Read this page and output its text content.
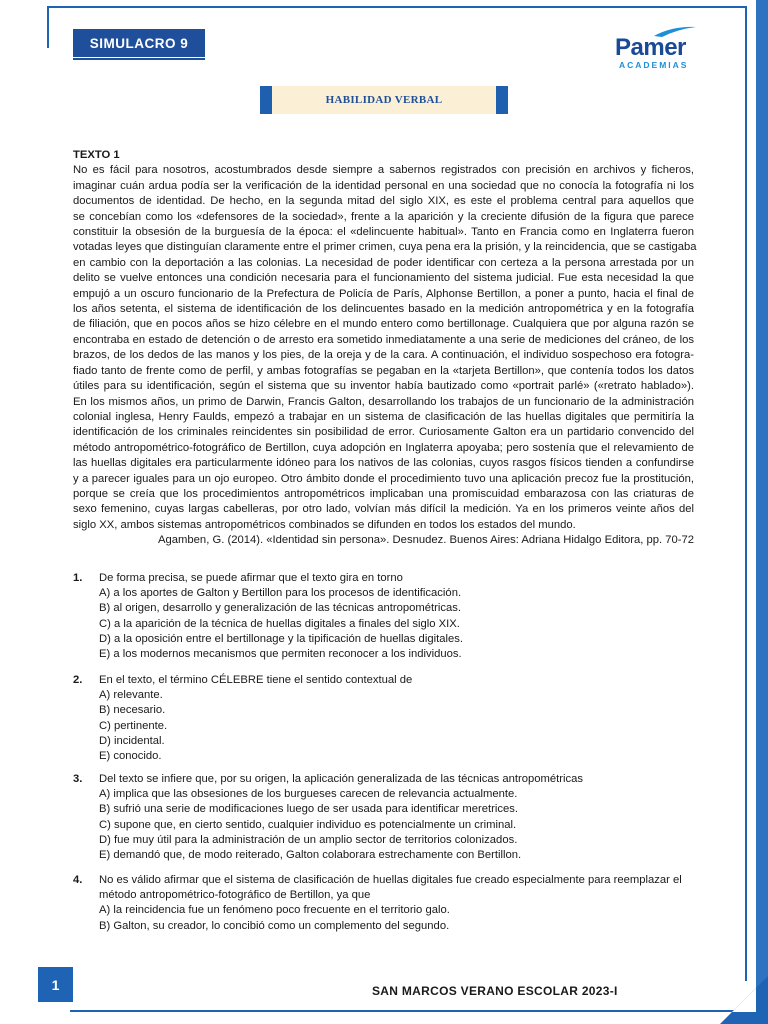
SIMULACRO 9	Pamer
ACADEMIAS
HABILIDAD VERBAL
TEXTO 1
No es fácil para nosotros, acostumbrados desde siempre a sabernos registrados con precisión en archivos y ficheros,
imaginar cuán ardua podía ser la verificación de la identidad personal en una sociedad que no conocía la fotografía ni los
documentos de identidad. De hecho, en la segunda mitad del siglo XIX, es este el problema central para aquellos que
se concebían como los «defensores de la sociedad», frente a la aparición y la creciente difusión de la figura que parece
constituir la obsesión de la burguesía de la época: el «delincuente habitual». Tanto en Francia como en Inglaterra fueron
votadas leyes que distinguían claramente entre el primer crimen, cuya pena era la prisión, y la reincidencia, que se castigaba
en cambio con la deportación a las colonias. La necesidad de poder identificar con certeza a la persona arrestada por un
delito se vuelve entonces una condición necesaria para el funcionamiento del sistema judicial. Fue esta necesidad la que
empujó a un oscuro funcionario de la Prefectura de Policía de París, Alphonse Bertillon, a poner a punto, hacia el final de
los años setenta, el sistema de identificación de los delincuentes basado en la medición antropométrica y en la fotografía
de filiación, que en pocos años se hizo célebre en el mundo entero como bertillonage. Cualquiera que por alguna razón se
encontraba en estado de detención o de arresto era sometido inmediatamente a una serie de mediciones del cráneo, de los
brazos, de los dedos de las manos y los pies, de la oreja y de la cara. A continuación, el individuo sospechoso era fotogra-
fiado tanto de frente como de perfil, y ambas fotografías se pegaban en la «tarjeta Bertillon», que contenía todos los datos
útiles para su identificación, según el sistema que su inventor había bautizado como «portrait parlé» («retrato hablado»).
En los mismos años, un primo de Darwin, Francis Galton, desarrollando los trabajos de un funcionario de la administración
colonial inglesa, Henry Faulds, empezó a trabajar en un sistema de clasificación de las huellas digitales que permitiría la
identificación de los criminales reincidentes sin posibilidad de error. Curiosamente Galton era un partidario convencido del
método antropométrico-fotográfico de Bertillon, cuya adopción en Inglaterra apoyaba; pero sostenía que el relevamiento de
las huellas digitales era particularmente idóneo para los nativos de las colonias, cuyos rasgos físicos tienden a confundirse
y a parecer iguales para un ojo europeo. Otro ámbito donde el procedimiento tuvo una aplicación precoz fue la prostitución,
porque se creía que los procedimientos antropométricos implicaban una promiscuidad embarazosa con las criaturas de
sexo femenino, cuyas largas cabelleras, por otro lado, volvían más difícil la medición. Ya en los primeros veinte años del
siglo XX, ambos sistemas antropométricos combinados se difunden en todos los estados del mundo.
Agamben, G. (2014). «Identidad sin persona». Desnudez. Buenos Aires: Adriana Hidalgo Editora, pp. 70-72
1. De forma precisa, se puede afirmar que el texto gira en torno
A) a los aportes de Galton y Bertillon para los procesos de identificación.
B) al origen, desarrollo y generalización de las técnicas antropométricas.
C) a la aparición de la técnica de huellas digitales a finales del siglo XIX.
D) a la oposición entre el bertillonage y la tipificación de huellas digitales.
E) a los modernos mecanismos que permiten reconocer a los individuos.
2. En el texto, el término CÉLEBRE tiene el sentido contextual de
A) relevante.
B) necesario.
C) pertinente.
D) incidental.
E) conocido.
3. Del texto se infiere que, por su origen, la aplicación generalizada de las técnicas antropométricas
A) implica que las obsesiones de los burgueses carecen de relevancia actualmente.
B) sufrió una serie de modificaciones luego de ser usada para identificar meretrices.
C) supone que, en cierto sentido, cualquier individuo es potencialmente un criminal.
D) fue muy útil para la administración de un amplio sector de territorios colonizados.
E) demandó que, de modo reiterado, Galton colaborara estrechamente con Bertillon.
4. No es válido afirmar que el sistema de clasificación de huellas digitales fue creado especialmente para reemplazar el
método antropométrico-fotográfico de Bertillon, ya que
A) la reincidencia fue un fenómeno poco frecuente en el territorio galo.
B) Galton, su creador, lo concibió como un complemento del segundo.
1	SAN MARCOS VERANO ESCOLAR 2023-I
